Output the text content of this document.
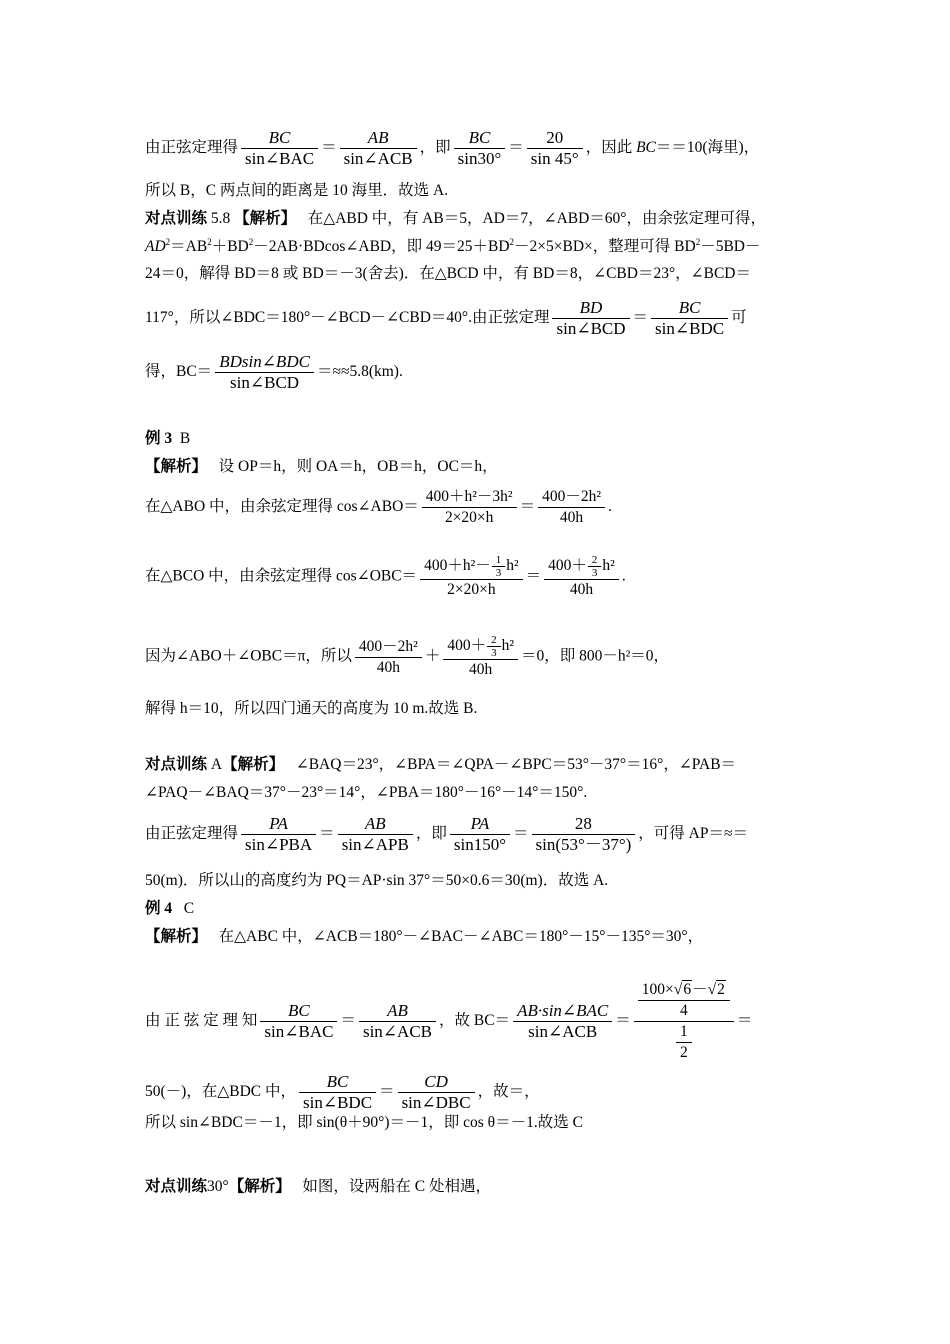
由正弦定理得 $\frac{BC}{\text{sin∠BAC}} = \frac{AB}{\text{sin∠ACB}}$ ，即 $\frac{BC}{\sin 30^\circ} = \frac{20}{\sin 45^\circ}$ ，因此 BC＝＝10(海里)，
所以 B，C 两点间的距离是 10 海里．故选 A.
对点训练 5.8 【解析】 在△ABD 中，有 AB＝5，AD＝7，∠ABD＝60°，由余弦定理可得，
$AD^2=AB^2+BD^2-2AB\cdot BDcos\angle ABD$，即 $49=25+BD^2-2\times 5\times BD\times$，整理可得 $BD^2-5BD-$
24＝0，解得 BD＝8 或 BD＝－3(舍去)．在△BCD 中，有 BD＝8，∠CBD＝23°，∠BCD＝
117°，所以∠BDC＝180°－∠BCD－∠CBD＝40°.由正弦定理 $\frac{BD}{\text{sin∠BCD}} = \frac{BC}{\text{sin∠BDC}}$ 可
得，$BC= \frac{\text{BDsin∠BDC}}{\text{sin∠BCD}} =\approx\approx 5.8(km)$.
例 3 B
【解析】 设 OP＝h，则 OA＝h，OB＝h，OC＝h，
在△ABO 中，由余弦定理得 cos∠ABO＝ $\frac{\text{400＋h²－3h²}}{2\times 20\times h} = \frac{\text{400－2h²}}{40h}$ .
在△BCO 中，由余弦定理得 cos∠OBC＝ $\frac{400+h^2- \frac{1}{3} h^2}{2\times 20\times h} = \frac{400+ \frac{2}{3} h^2}{40h}$ .
因为∠ABO＋∠OBC＝π，所以 $\frac{\text{400－2h²}}{40h} + \frac{400+ \frac{2}{3} h^2}{40h} =0$，即 800－h²＝0，
解得 h＝10，所以四门通天的高度为 10 m.故选 B.
对点训练 A【解析】 ∠BAQ＝23°，∠BPA＝∠QPA－∠BPC＝53°－37°＝16°，∠PAB＝
∠PAQ－∠BAQ＝37°－23°＝14°，∠PBA＝180°－16°－14°＝150°.
由正弦定理得 $\frac{PA}{\text{sin∠PBA}} = \frac{AB}{\text{sin∠APB}}$ ，即 $\frac{PA}{\sin 150^\circ} = \frac{28}{\sin(53^\circ-37^\circ)}$ ，可得 AP＝≈＝
50(m)．所以山的高度约为 PQ＝AP·sin 37°＝50×0.6＝30(m)．故选 A.
例 4 C
【解析】 在△ABC 中，∠ACB＝180°－∠BAC－∠ABC＝180°－15°－135°＝30°，
由 正 弦 定 理 知 $\frac{BC}{\text{sin∠BAC}} = \frac{AB}{\text{sin∠ACB}}$ ，故 $BC= \frac{\text{AB·sin∠BAC}}{\text{sin∠ACB}} = \frac{\frac{100\times√6-√2}{4}}{\frac{1}{2}}$ ＝
50(－)，在△BDC 中， $\frac{BC}{\text{sin∠BDC}} = \frac{CD}{\text{sin∠DBC}}$ ，故＝，
所以 sin∠BDC＝－1，即 sin(θ＋90°)＝－1，即 cos θ＝－1.故选 C
对点训练30°【解析】 如图，设两船在 C 处相遇，
